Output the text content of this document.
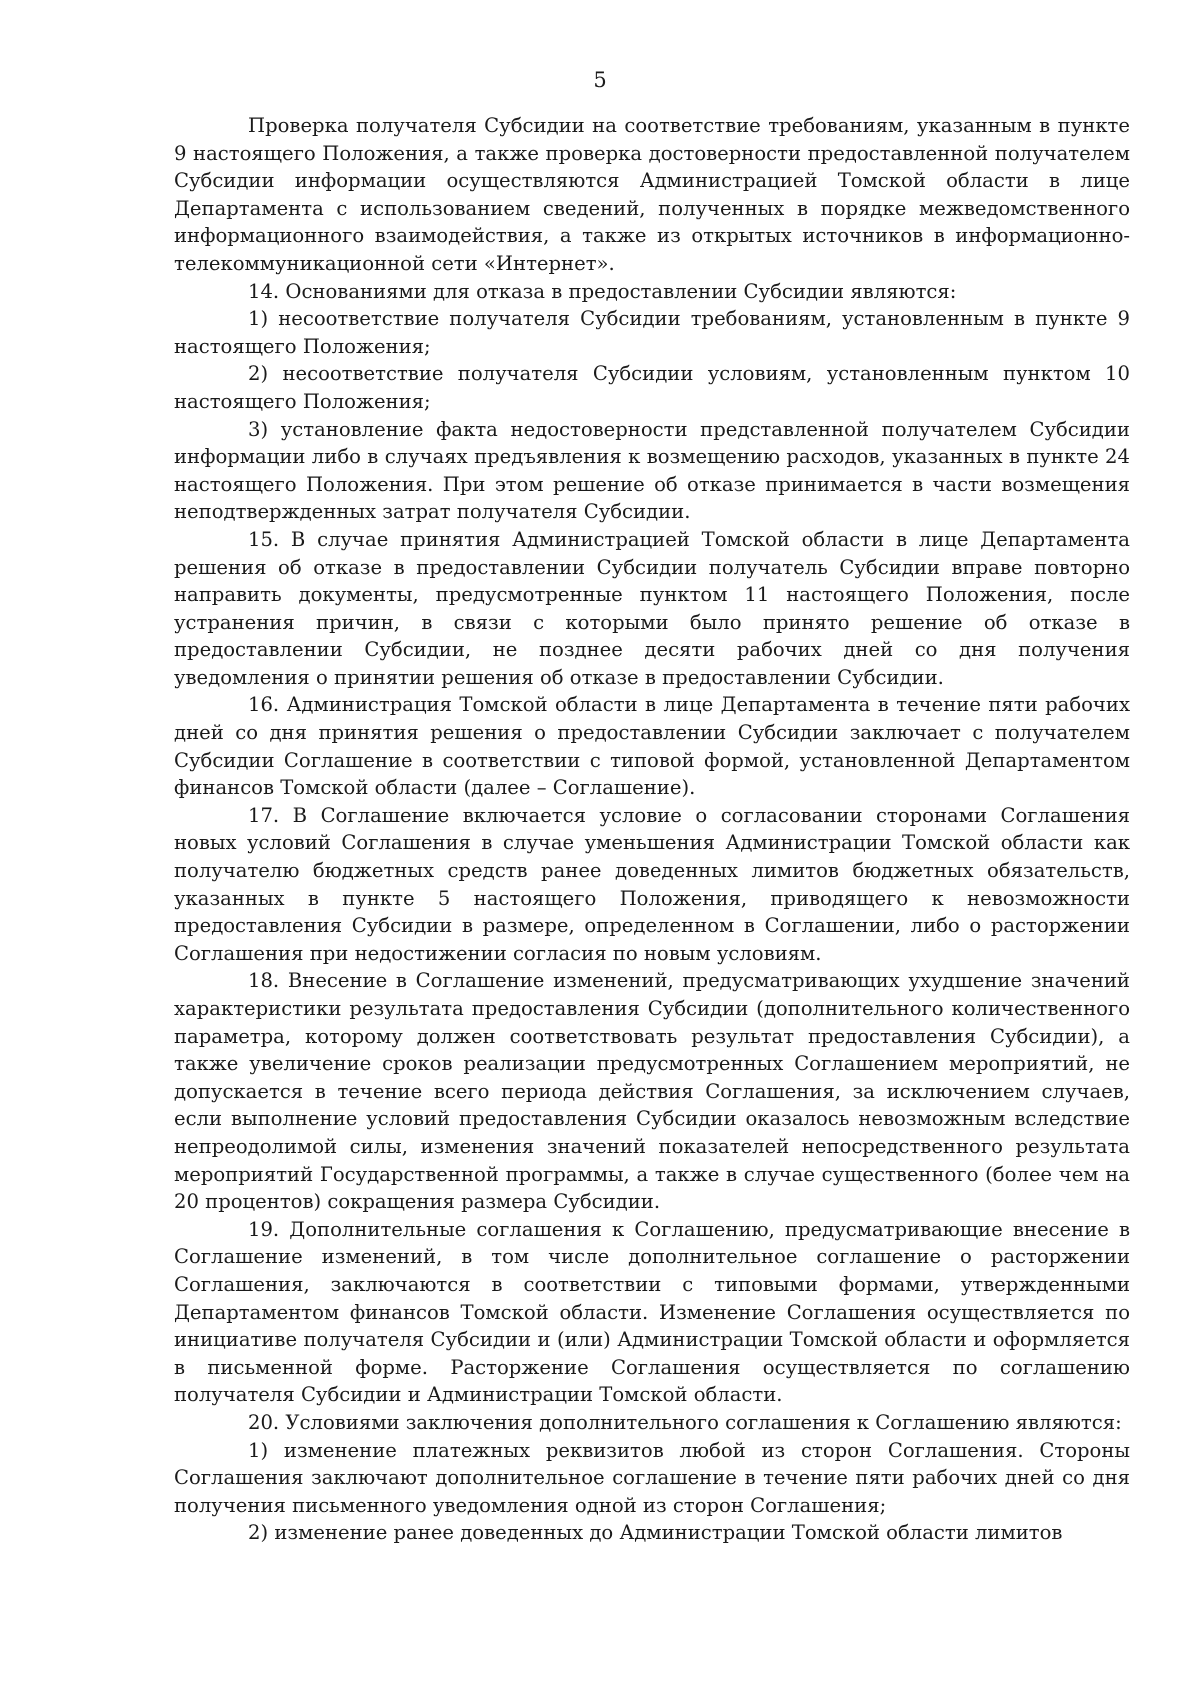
5

Проверка получателя Субсидии на соответствие требованиям, указанным в пункте 9 настоящего Положения, а также проверка достоверности предоставленной получателем Субсидии информации осуществляются Администрацией Томской области в лице Департамента с использованием сведений, полученных в порядке межведомственного информационного взаимодействия, а также из открытых источников в информационно-телекоммуникационной сети «Интернет».

14. Основаниями для отказа в предоставлении Субсидии являются:

1) несоответствие получателя Субсидии требованиям, установленным в пункте 9 настоящего Положения;

2) несоответствие получателя Субсидии условиям, установленным пунктом 10 настоящего Положения;

3) установление факта недостоверности представленной получателем Субсидии информации либо в случаях предъявления к возмещению расходов, указанных в пункте 24 настоящего Положения. При этом решение об отказе принимается в части возмещения неподтвержденных затрат получателя Субсидии.

15. В случае принятия Администрацией Томской области в лице Департамента решения об отказе в предоставлении Субсидии получатель Субсидии вправе повторно направить документы, предусмотренные пунктом 11 настоящего Положения, после устранения причин, в связи с которыми было принято решение об отказе в предоставлении Субсидии, не позднее десяти рабочих дней со дня получения уведомления о принятии решения об отказе в предоставлении Субсидии.

16. Администрация Томской области в лице Департамента в течение пяти рабочих дней со дня принятия решения о предоставлении Субсидии заключает с получателем Субсидии Соглашение в соответствии с типовой формой, установленной Департаментом финансов Томской области (далее – Соглашение).

17. В Соглашение включается условие о согласовании сторонами Соглашения новых условий Соглашения в случае уменьшения Администрации Томской области как получателю бюджетных средств ранее доведенных лимитов бюджетных обязательств, указанных в пункте 5 настоящего Положения, приводящего к невозможности предоставления Субсидии в размере, определенном в Соглашении, либо о расторжении Соглашения при недостижении согласия по новым условиям.

18. Внесение в Соглашение изменений, предусматривающих ухудшение значений характеристики результата предоставления Субсидии (дополнительного количественного параметра, которому должен соответствовать результат предоставления Субсидии), а также увеличение сроков реализации предусмотренных Соглашением мероприятий, не допускается в течение всего периода действия Соглашения, за исключением случаев, если выполнение условий предоставления Субсидии оказалось невозможным вследствие непреодолимой силы, изменения значений показателей непосредственного результата мероприятий Государственной программы, а также в случае существенного (более чем на 20 процентов) сокращения размера Субсидии.

19. Дополнительные соглашения к Соглашению, предусматривающие внесение в Соглашение изменений, в том числе дополнительное соглашение о расторжении Соглашения, заключаются в соответствии с типовыми формами, утвержденными Департаментом финансов Томской области. Изменение Соглашения осуществляется по инициативе получателя Субсидии и (или) Администрации Томской области и оформляется в письменной форме. Расторжение Соглашения осуществляется по соглашению получателя Субсидии и Администрации Томской области.

20. Условиями заключения дополнительного соглашения к Соглашению являются:

1) изменение платежных реквизитов любой из сторон Соглашения. Стороны Соглашения заключают дополнительное соглашение в течение пяти рабочих дней со дня получения письменного уведомления одной из сторон Соглашения;

2) изменение ранее доведенных до Администрации Томской области лимитов
